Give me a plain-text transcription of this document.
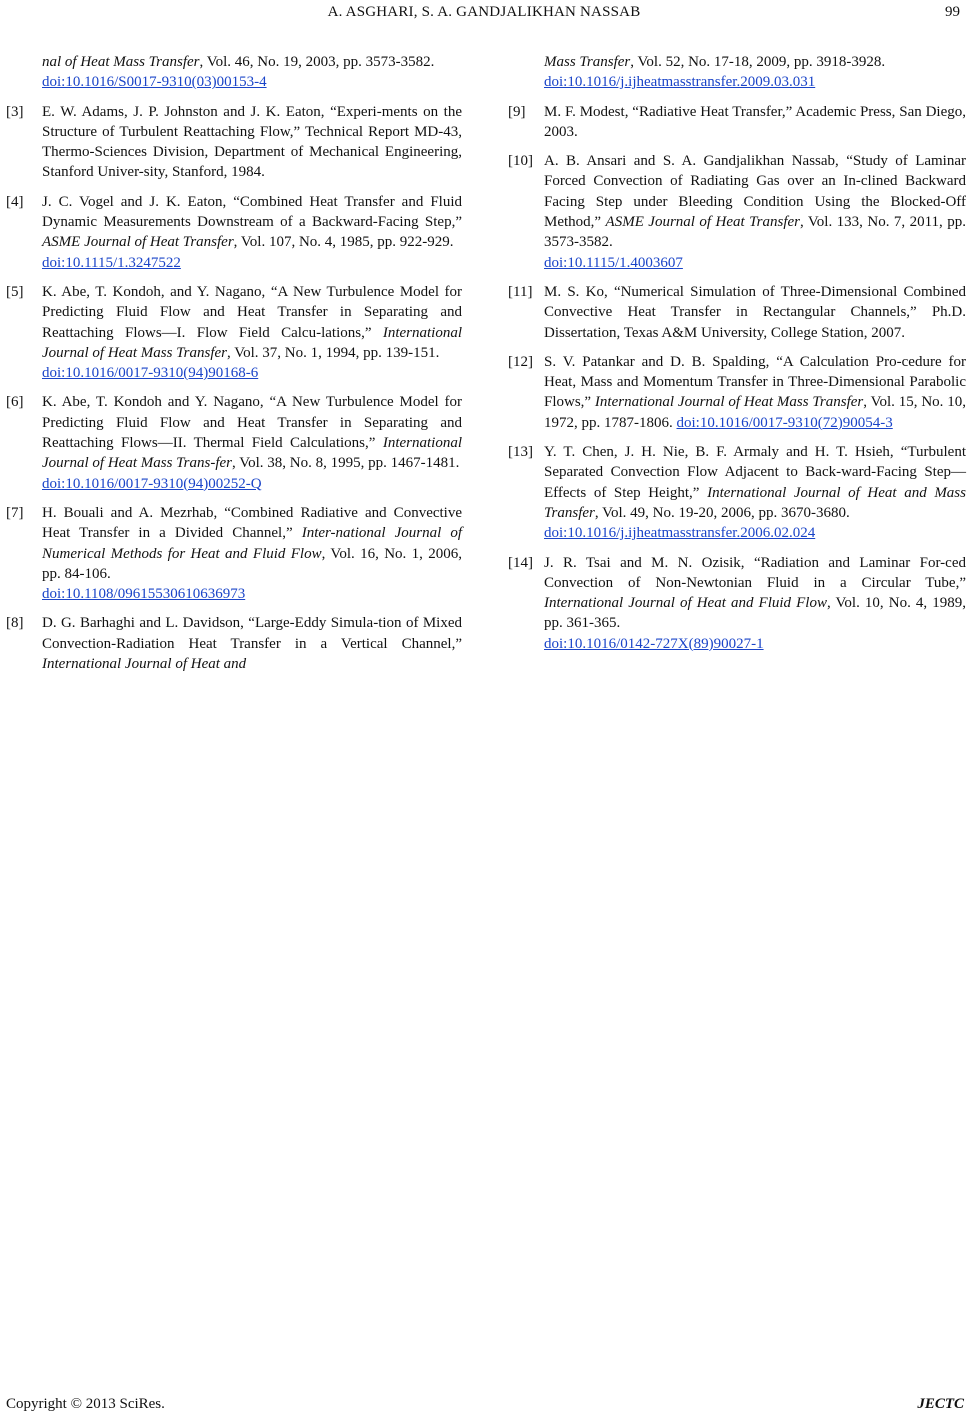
A. ASGHARI, S. A. GANDJALIKHAN NASSAB	99
nal of Heat Mass Transfer, Vol. 46, No. 19, 2003, pp. 3573-3582.
doi:10.1016/S0017-9310(03)00153-4
[3]	E. W. Adams, J. P. Johnston and J. K. Eaton, “Experi-ments on the Structure of Turbulent Reattaching Flow,” Technical Report MD-43, Thermo-Sciences Division, Department of Mechanical Engineering, Stanford Univer-sity, Stanford, 1984.
[4]	J. C. Vogel and J. K. Eaton, “Combined Heat Transfer and Fluid Dynamic Measurements Downstream of a Backward-Facing Step,” ASME Journal of Heat Transfer, Vol. 107, No. 4, 1985, pp. 922-929.
doi:10.1115/1.3247522
[5]	K. Abe, T. Kondoh, and Y. Nagano, “A New Turbulence Model for Predicting Fluid Flow and Heat Transfer in Separating and Reattaching Flows—I. Flow Field Calcu-lations,” International Journal of Heat Mass Transfer, Vol. 37, No. 1, 1994, pp. 139-151.
doi:10.1016/0017-9310(94)90168-6
[6]	K. Abe, T. Kondoh and Y. Nagano, “A New Turbulence Model for Predicting Fluid Flow and Heat Transfer in Separating and Reattaching Flows—II. Thermal Field Calculations,” International Journal of Heat Mass Trans-fer, Vol. 38, No. 8, 1995, pp. 1467-1481.
doi:10.1016/0017-9310(94)00252-Q
[7]	H. Bouali and A. Mezrhab, “Combined Radiative and Convective Heat Transfer in a Divided Channel,” Inter-national Journal of Numerical Methods for Heat and Fluid Flow, Vol. 16, No. 1, 2006, pp. 84-106.
doi:10.1108/09615530610636973
[8]	D. G. Barhaghi and L. Davidson, “Large-Eddy Simula-tion of Mixed Convection-Radiation Heat Transfer in a Vertical Channel,” International Journal of Heat and
Mass Transfer, Vol. 52, No. 17-18, 2009, pp. 3918-3928.
doi:10.1016/j.ijheatmasstransfer.2009.03.031
[9]	M. F. Modest, “Radiative Heat Transfer,” Academic Press, San Diego, 2003.
[10] A. B. Ansari and S. A. Gandjalikhan Nassab, “Study of Laminar Forced Convection of Radiating Gas over an In-clined Backward Facing Step under Bleeding Condition Using the Blocked-Off Method,” ASME Journal of Heat Transfer, Vol. 133, No. 7, 2011, pp. 3573-3582.
doi:10.1115/1.4003607
[11] M. S. Ko, “Numerical Simulation of Three-Dimensional Combined Convective Heat Transfer in Rectangular Channels,” Ph.D. Dissertation, Texas A&M University, College Station, 2007.
[12] S. V. Patankar and D. B. Spalding, “A Calculation Pro-cedure for Heat, Mass and Momentum Transfer in Three-Dimensional Parabolic Flows,” International Journal of Heat Mass Transfer, Vol. 15, No. 10, 1972, pp. 1787-1806. doi:10.1016/0017-9310(72)90054-3
[13] Y. T. Chen, J. H. Nie, B. F. Armaly and H. T. Hsieh, “Turbulent Separated Convection Flow Adjacent to Back-ward-Facing Step—Effects of Step Height,” International Journal of Heat and Mass Transfer, Vol. 49, No. 19-20, 2006, pp. 3670-3680.
doi:10.1016/j.ijheatmasstransfer.2006.02.024
[14] J. R. Tsai and M. N. Ozisik, “Radiation and Laminar For-ced Convection of Non-Newtonian Fluid in a Circular Tube,” International Journal of Heat and Fluid Flow, Vol. 10, No. 4, 1989, pp. 361-365.
doi:10.1016/0142-727X(89)90027-1
Copyright © 2013 SciRes.	JECTC
